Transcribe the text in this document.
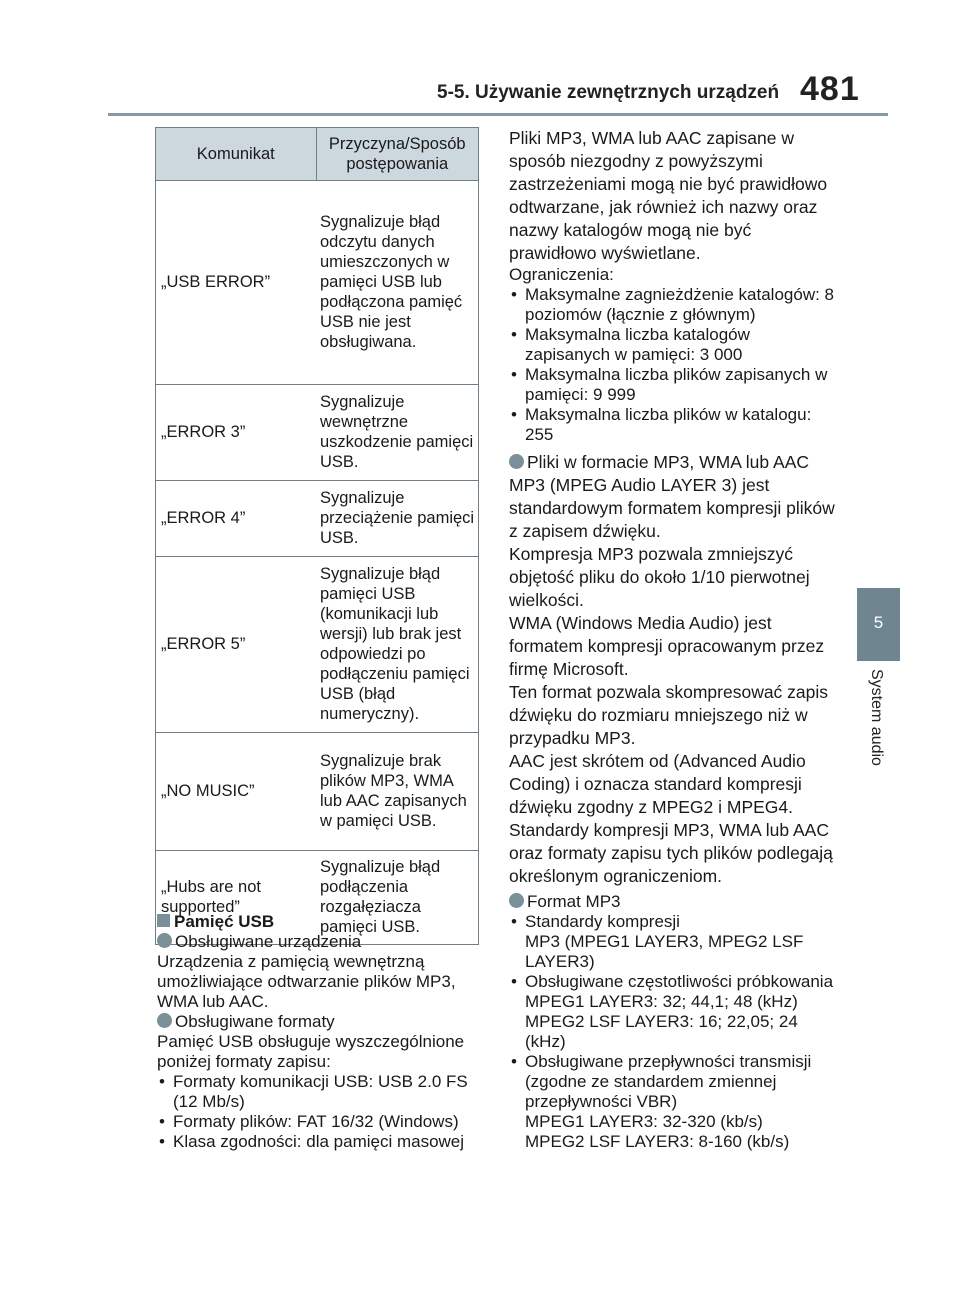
5-5. Używanie zewnętrznych urządzeń 481
5
System audio
Komunikat	Przyczyna/Sposób postępowania
„USB ERROR”	Sygnalizuje błąd odczytu danych umieszczonych w pamięci USB lub podłączona pamięć USB nie jest obsługiwana.
„ERROR 3”	Sygnalizuje wewnętrzne uszkodzenie pamięci USB.
„ERROR 4”	Sygnalizuje przeciążenie pamięci USB.
„ERROR 5”	Sygnalizuje błąd pamięci USB (komunikacji lub wersji) lub brak jest odpowiedzi po podłączeniu pamięci USB (błąd numeryczny).
„NO MUSIC”	Sygnalizuje brak plików MP3, WMA lub AAC zapisanych w pamięci USB.
„Hubs are not supported”	Sygnalizuje błąd podłączenia rozgałęziacza pamięci USB.

Pamięć USB

Obsługiwane urządzenia

Urządzenia z pamięcią wewnętrzną umożliwiające odtwarzanie plików MP3, WMA lub AAC.

Obsługiwane formaty

Pamięć USB obsługuje wyszczególnione poniżej formaty zapisu:

• Formaty komunikacji USB: USB 2.0 FS (12 Mb/s)
• Formaty plików: FAT 16/32 (Windows)
• Klasa zgodności: dla pamięci masowej

Pliki MP3, WMA lub AAC zapisane w sposób niezgodny z powyższymi zastrzeżeniami mogą nie być prawidłowo odtwarzane, jak również ich nazwy oraz nazwy katalogów mogą nie być prawidłowo wyświetlane.

Ograniczenia:

• Maksymalne zagnieżdżenie katalogów: 8 poziomów (łącznie z głównym)
• Maksymalna liczba katalogów zapisanych w pamięci: 3 000
• Maksymalna liczba plików zapisanych w pamięci: 9 999
• Maksymalna liczba plików w katalogu: 255

Pliki w formacie MP3, WMA lub AAC

MP3 (MPEG Audio LAYER 3) jest standardowym formatem kompresji plików z zapisem dźwięku.

Kompresja MP3 pozwala zmniejszyć objętość pliku do około 1/10 pierwotnej wielkości.

WMA (Windows Media Audio) jest formatem kompresji opracowanym przez firmę Microsoft.

Ten format pozwala skompresować zapis dźwięku do rozmiaru mniejszego niż w przypadku MP3.

AAC jest skrótem od (Advanced Audio Coding) i oznacza standard kompresji dźwięku zgodny z MPEG2 i MPEG4.

Standardy kompresji MP3, WMA lub AAC oraz formaty zapisu tych plików podlegają określonym ograniczeniom.

Format MP3

• Standardy kompresji
MP3 (MPEG1 LAYER3, MPEG2 LSF LAYER3)
• Obsługiwane częstotliwości próbkowania
MPEG1 LAYER3: 32; 44,1; 48 (kHz)
MPEG2 LSF LAYER3: 16; 22,05; 24 (kHz)
• Obsługiwane przepływności transmisji (zgodne ze standardem zmiennej przepływności VBR)
MPEG1 LAYER3: 32-320 (kb/s)
MPEG2 LSF LAYER3: 8-160 (kb/s)
